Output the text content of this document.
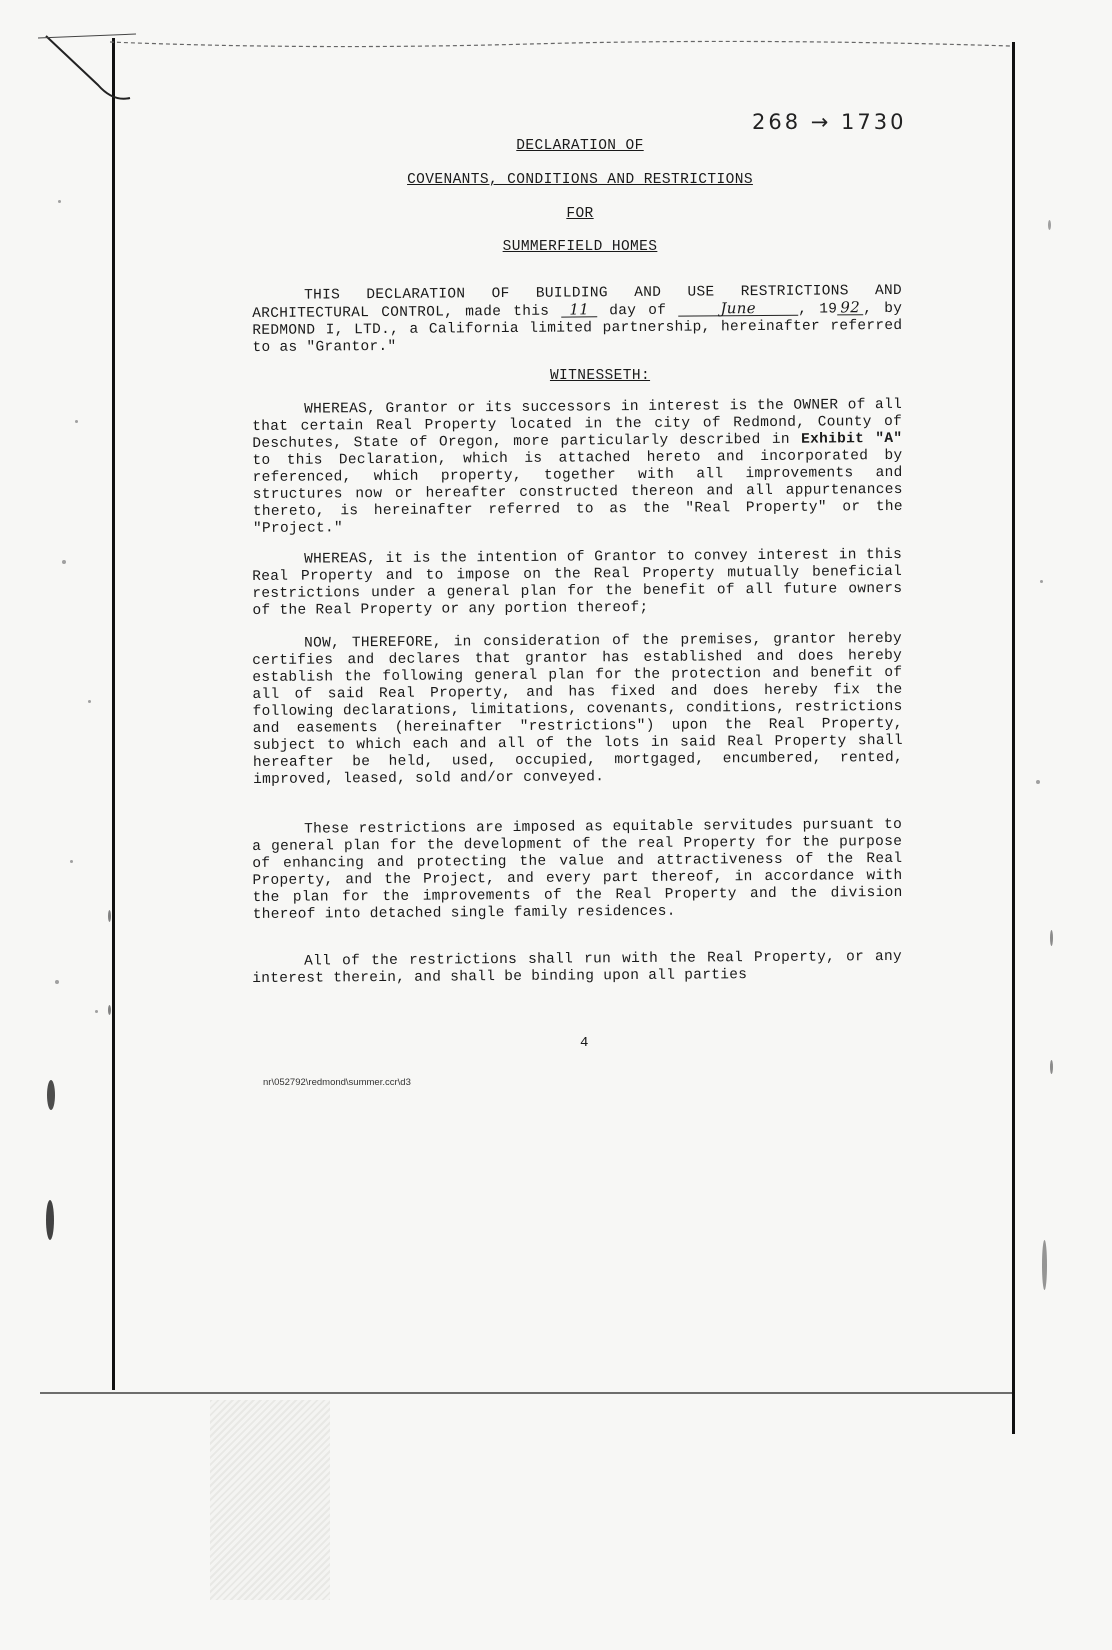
268 → 1730
DECLARATION OF
COVENANTS, CONDITIONS AND RESTRICTIONS
FOR
SUMMERFIELD HOMES

THIS DECLARATION OF BUILDING AND USE RESTRICTIONS AND ARCHITECTURAL CONTROL, made this 11 day of	June	, 19 92 , by REDMOND I, LTD., a California limited partnership, hereinafter referred to as "Grantor."

WITNESSETH:

WHEREAS, Grantor or its successors in interest is the OWNER of all that certain Real Property located in the city of Redmond, County of Deschutes, State of Oregon, more particularly described in Exhibit "A" to this Declaration, which is attached hereto and incorporated by referenced, which property, together with all improvements and structures now or hereafter constructed thereon and all appurtenances thereto, is hereinafter referred to as the "Real Property" or the "Project."

WHEREAS, it is the intention of Grantor to convey interest in this Real Property and to impose on the Real Property mutually beneficial restrictions under a general plan for the benefit of all future owners of the Real Property or any portion thereof;

NOW, THEREFORE, in consideration of the premises, grantor hereby certifies and declares that grantor has established and does hereby establish the following general plan for the protection and benefit of all of said Real Property, and has fixed and does hereby fix the following declarations, limitations, covenants, conditions, restrictions and easements (hereinafter "restrictions") upon the Real Property, subject to which each and all of the lots in said Real Property shall hereafter be held, used, occupied, mortgaged, encumbered, rented, improved, leased, sold and/or conveyed.

These restrictions are imposed as equitable servitudes pursuant to a general plan for the development of the real Property for the purpose of enhancing and protecting the value and attractiveness of the Real Property, and the Project, and every part thereof, in accordance with the plan for the improvements of the Real Property and the division thereof into detached single family residences.

All of the restrictions shall run with the Real Property, or any interest therein, and shall be binding upon all parties

4
nr\052792\redmond\summer.ccr\d3
